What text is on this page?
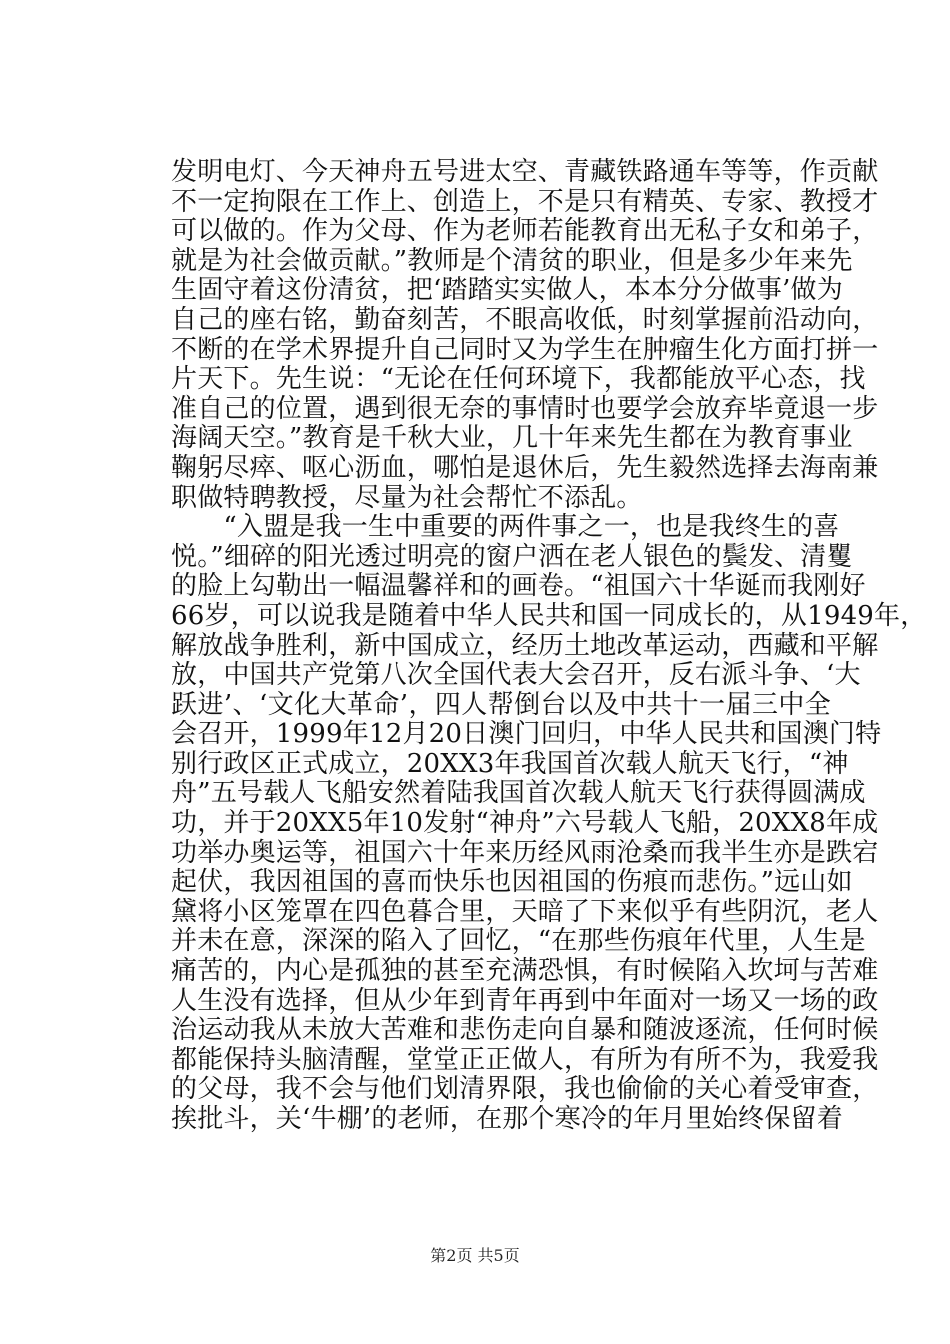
发明电灯、今天神舟五号进太空、青藏铁路通车等等，作贡献
不一定拘限在工作上、创造上，不是只有精英、专家、教授才
可以做的。作为父母、作为老师若能教育出无私子女和弟子，
就是为社会做贡献。”教师是个清贫的职业，但是多少年来先
生固守着这份清贫，把‘踏踏实实做人，本本分分做事’做为
自己的座右铭，勤奋刻苦，不眼高收低，时刻掌握前沿动向，
不断的在学术界提升自己同时又为学生在肿瘤生化方面打拼一
片天下。先生说：“无论在任何环境下，我都能放平心态，找
准自己的位置，遇到很无奈的事情时也要学会放弃毕竟退一步
海阔天空。”教育是千秋大业，几十年来先生都在为教育事业
鞠躬尽瘁、呕心沥血，哪怕是退休后，先生毅然选择去海南兼
职做特聘教授，尽量为社会帮忙不添乱。
　　“入盟是我一生中重要的两件事之一，也是我终生的喜
悦。”细碎的阳光透过明亮的窗户洒在老人银色的鬓发、清矍
的脸上勾勒出一幅温馨祥和的画卷。“祖国六十华诞而我刚好
66岁，可以说我是随着中华人民共和国一同成长的，从1949年，
解放战争胜利，新中国成立，经历土地改革运动，西藏和平解
放，中国共产党第八次全国代表大会召开，反右派斗争、‘大
跃进’、‘文化大革命’，四人帮倒台以及中共十一届三中全
会召开，1999年12月20日澳门回归，中华人民共和国澳门特
别行政区正式成立，20XX3年我国首次载人航天飞行，“神
舟”五号载人飞船安然着陆我国首次载人航天飞行获得圆满成
功，并于20XX5年10发射“神舟”六号载人飞船，20XX8年成
功举办奥运等，祖国六十年来历经风雨沧桑而我半生亦是跌宕
起伏，我因祖国的喜而快乐也因祖国的伤痕而悲伤。”远山如
黛将小区笼罩在四色暮合里，天暗了下来似乎有些阴沉，老人
并未在意，深深的陷入了回忆，“在那些伤痕年代里，人生是
痛苦的，内心是孤独的甚至充满恐惧，有时候陷入坎坷与苦难
人生没有选择，但从少年到青年再到中年面对一场又一场的政
治运动我从未放大苦难和悲伤走向自暴和随波逐流，任何时候
都能保持头脑清醒，堂堂正正做人，有所为有所不为，我爱我
的父母，我不会与他们划清界限，我也偷偷的关心着受审查，
挨批斗，关‘牛棚’的老师，在那个寒冷的年月里始终保留着
第2页 共5页
